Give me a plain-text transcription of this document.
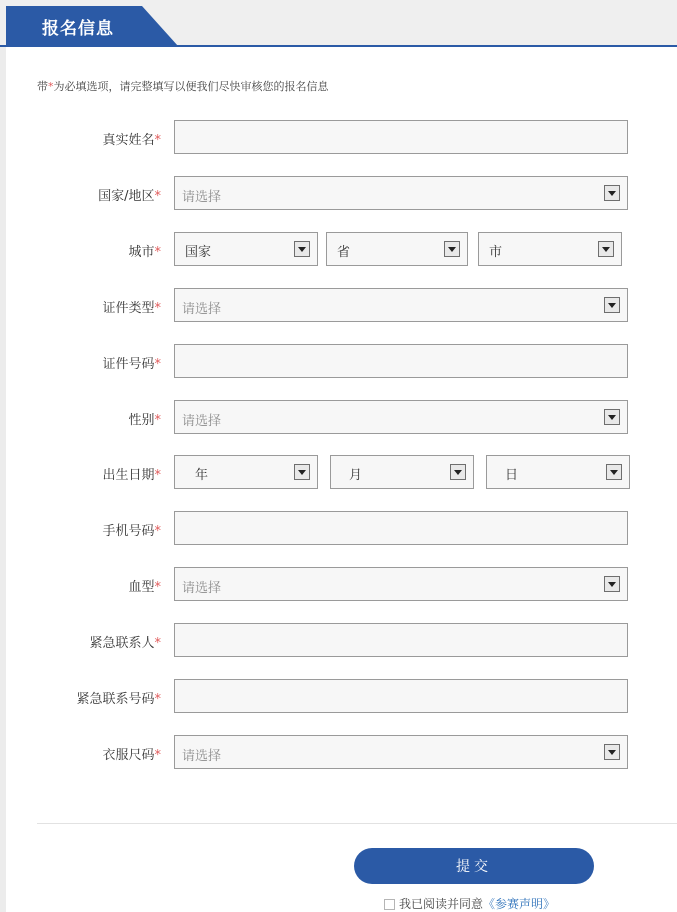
报名信息
带*为必填选项，请完整填写以便我们尽快审核您的报名信息
真实姓名*
国家/地区* 请选择
城市* 国家	省	市
证件类型* 请选择
证件号码*
性别* 请选择
出生日期*	年	月	日
手机号码*
血型* 请选择
紧急联系人*
紧急联系号码*
衣服尺码* 请选择
提交
我已阅读并同意《参赛声明》
